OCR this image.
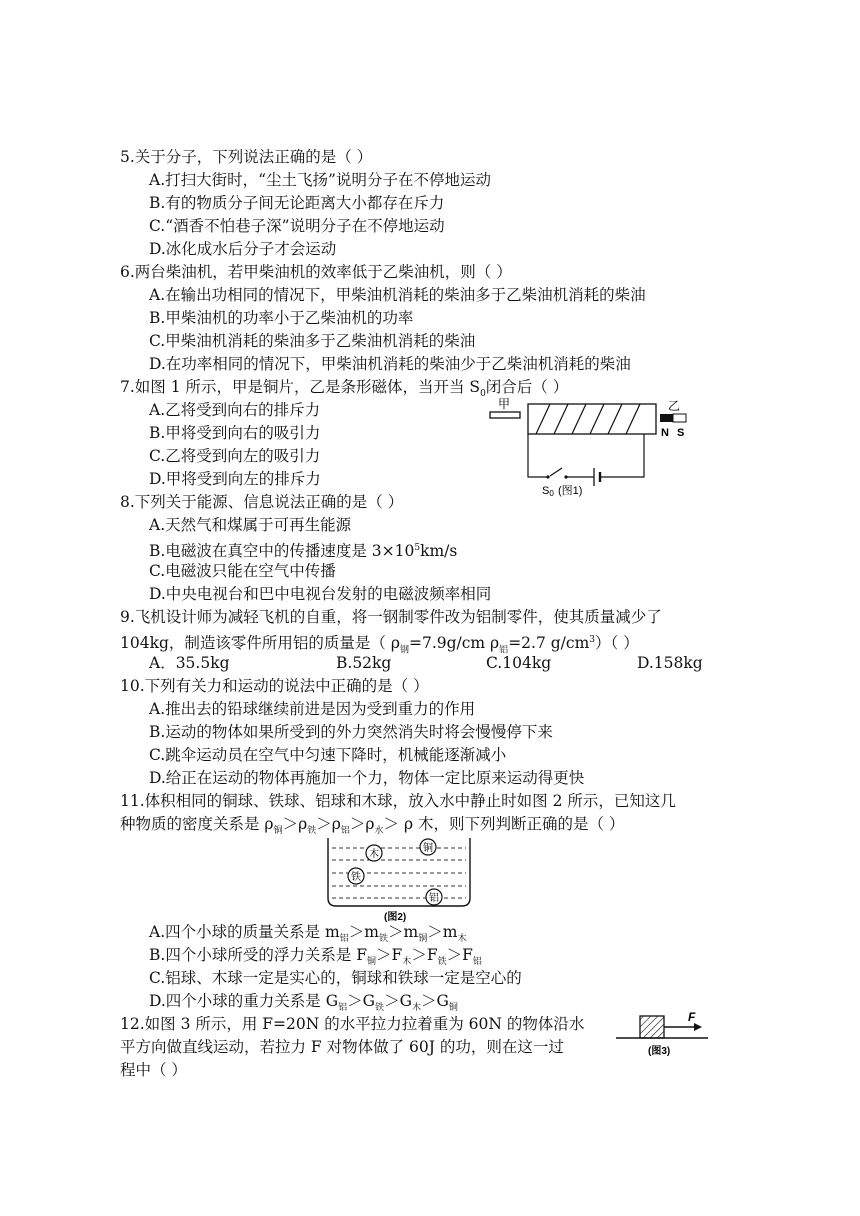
5.关于分子，下列说法正确的是（ ）
A.打扫大街时，“尘土飞扬”说明分子在不停地运动
B.有的物质分子间无论距离大小都存在斥力
C.“酒香不怕巷子深”说明分子在不停地运动
D.冰化成水后分子才会运动
6.两台柴油机，若甲柴油机的效率低于乙柴油机，则（ ）
A.在输出功相同的情况下，甲柴油机消耗的柴油多于乙柴油机消耗的柴油
B.甲柴油机的功率小于乙柴油机的功率
C.甲柴油机消耗的柴油多于乙柴油机消耗的柴油
D.在功率相同的情况下，甲柴油机消耗的柴油少于乙柴油机消耗的柴油
7.如图 1 所示，甲是铜片，乙是条形磁体，当开当 $S_0$闭合后（ ）
A.乙将受到向右的排斥力
B.甲将受到向右的吸引力
C.乙将受到向左的吸引力
D.甲将受到向左的排斥力
甲	乙
N S
S0 (图1)
8.下列关于能源、信息说法正确的是（ ）
A.天然气和煤属于可再生能源
B.电磁波在真空中的传播速度是 $3\times 10^5km/s$
C.电磁波只能在空气中传播
D.中央电视台和巴中电视台发射的电磁波频率相同
9.飞机设计师为减轻飞机的自重，将一钢制零件改为铝制零件，使其质量减少了
104kg，制造该零件所用铝的质量是（ $\rho_钢=7.9g/cm$ $\rho_铝=2.7$ $g/cm^3$）（ ）
A．35.5kg	B.52kg	C.104kg	D.158kg
10.下列有关力和运动的说法中正确的是（ ）
A.推出去的铅球继续前进是因为受到重力的作用
B.运动的物体如果所受到的外力突然消失时将会慢慢停下来
C.跳伞运动员在空气中匀速下降时，机械能逐渐减小
D.给正在运动的物体再施加一个力，物体一定比原来运动得更快
11.体积相同的铜球、铁球、铝球和木球，放入水中静止时如图 2 所示，已知这几
种物质的密度关系是 $\rho_铜>\rho_铁>\rho_铝>\rho_水> \rho$ 木，则下列判断正确的是（ ）
木
铜
铁
铝
(图2)
A.四个小球的质量关系是 $m_铝>m_铁>m_铜>m_木$
B.四个小球所受的浮力关系是 $F_铜>F_木>F_铁>F_铝$
C.铝球、木球一定是实心的，铜球和铁球一定是空心的
D.四个小球的重力关系是 $G_铝>G_铁>G_木>G_铜$
12.如图 3 所示，用 F=20N 的水平拉力拉着重为 60N 的物体沿水
平方向做直线运动，若拉力 F 对物体做了 60J 的功，则在这一过
程中（ ）
F
(图3)
